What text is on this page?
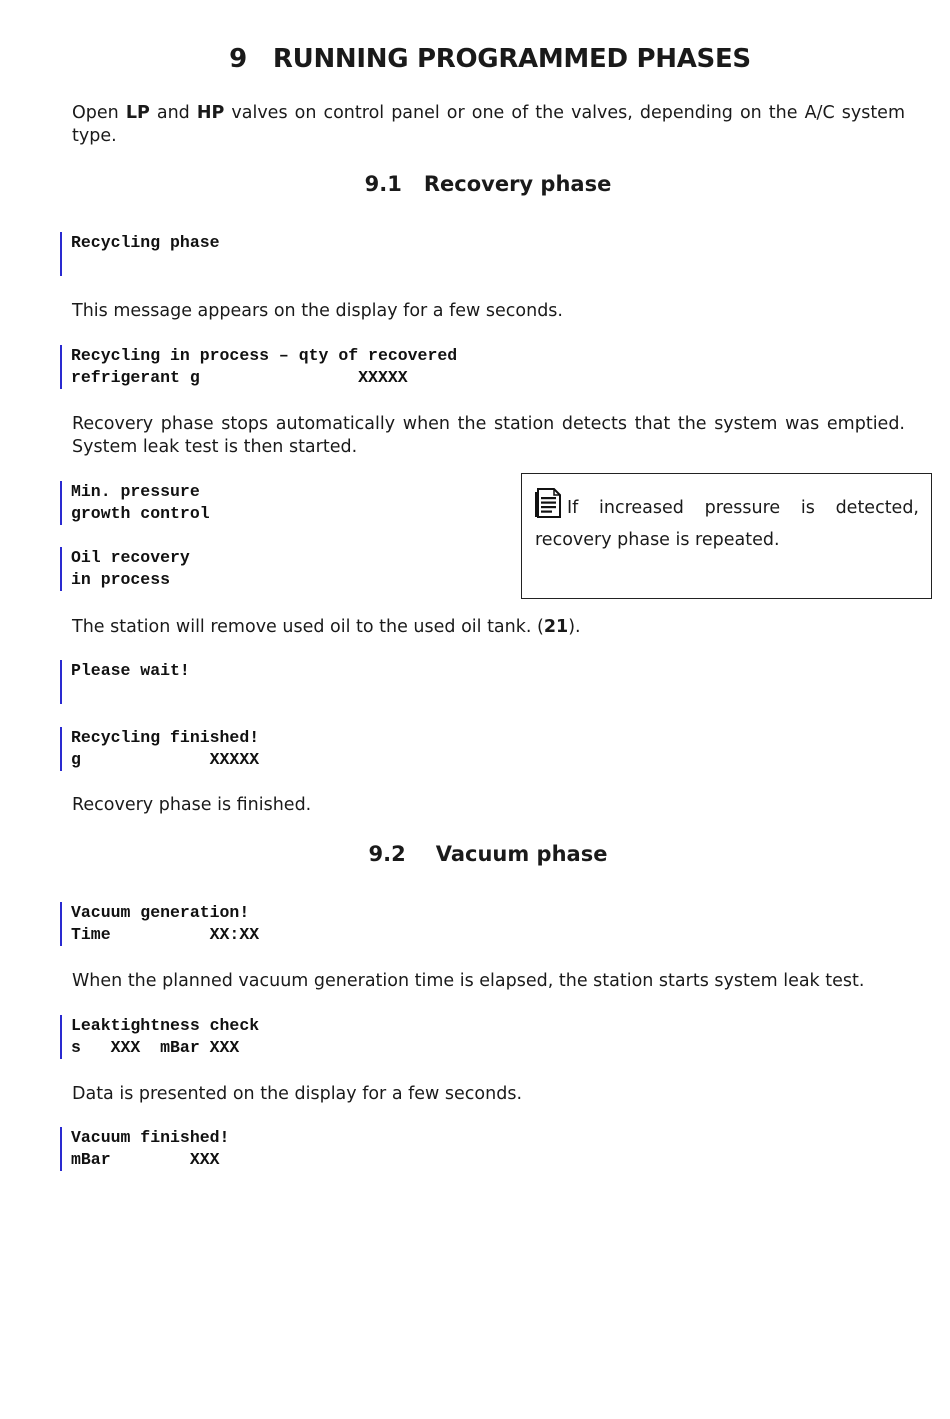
9 RUNNING PROGRAMMED PHASES
Open LP and HP valves on control panel or one of the valves, depending on the A/C system type.
9.1 Recovery phase
Recycling phase
This message appears on the display for a few seconds.
Recycling in process – qty of recovered
refrigerant g                XXXXX
Recovery phase stops automatically when the station detects that the system was emptied. System leak test is then started.
Min. pressure
growth control
Oil recovery
in process
If increased pressure is detected, recovery phase is repeated.
The station will remove used oil to the used oil tank. (21).
Please wait!
Recycling finished!
g             XXXXX
Recovery phase is finished.
9.2 Vacuum phase
Vacuum generation!
Time          XX:XX
When the planned vacuum generation time is elapsed, the station starts system leak test.
Leaktightness check
s   XXX  mBar XXX
Data is presented on the display for a few seconds.
Vacuum finished!
mBar        XXX
